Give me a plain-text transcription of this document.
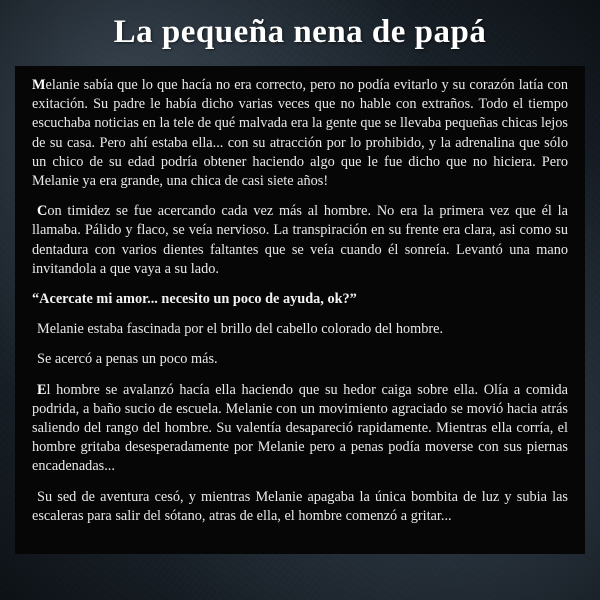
La pequeña nena de papá

Melanie sabía que lo que hacía no era correcto, pero no podía evitarlo y su corazón latía con exitación. Su padre le había dicho varias veces que no hable con extraños. Todo el tiempo escuchaba noticias en la tele de qué malvada era la gente que se llevaba pequeñas chicas lejos de su casa. Pero ahí estaba ella... con su atracción por lo prohibido, y la adrenalina que sólo un chico de su edad podría obtener haciendo algo que le fue dicho que no hiciera. Pero Melanie ya era grande, una chica de casi siete años!

Con timidez se fue acercando cada vez más al hombre. No era la primera vez que él la llamaba. Pálido y flaco, se veía nervioso. La transpiración en su frente era clara, asi como su dentadura con varios dientes faltantes que se veía cuando él sonreía. Levantó una mano invitandola a que vaya a su lado.

“Acercate mi amor... necesito un poco de ayuda, ok?”

Melanie estaba fascinada por el brillo del cabello colorado del hombre.

Se acercó a penas un poco más.

El hombre se avalanzó hacía ella haciendo que su hedor caiga sobre ella. Olía a comida podrida, a baño sucio de escuela. Melanie con un movimiento agraciado se movió hacia atrás saliendo del rango del hombre. Su valentía desapareció rapidamente. Mientras ella corría, el hombre gritaba desesperadamente por Melanie pero a penas podía moverse con sus piernas encadenadas...

Su sed de aventura cesó, y mientras Melanie apagaba la única bombita de luz y subia las escaleras para salir del sótano, atras de ella, el hombre comenzó a gritar...
